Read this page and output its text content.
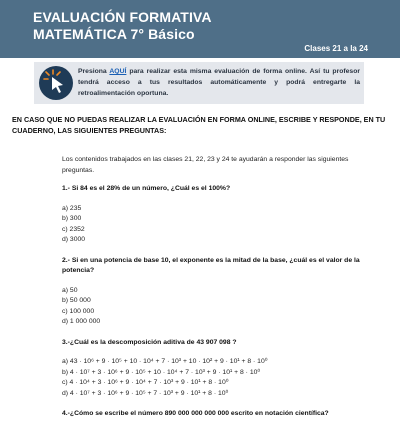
EVALUACIÓN FORMATIVA
MATEMÁTICA 7° Básico
Clases 21 a la 24
Presiona AQUÍ para realizar esta misma evaluación de forma online. Así tu profesor tendrá acceso a tus resultados automáticamente y podrá entregarte la retroalimentación oportuna.
EN CASO QUE NO PUEDAS REALIZAR LA EVALUACIÓN EN FORMA ONLINE, ESCRIBE Y RESPONDE, EN TU CUADERNO, LAS SIGUIENTES PREGUNTAS:
Los contenidos trabajados en las clases 21, 22, 23 y 24 te ayudarán a responder las siguientes preguntas.
1.- Si 84 es el 28% de un número, ¿Cuál es el 100%?
a) 235
b) 300
c) 2352
d) 3000
2.- Si en una potencia de base 10, el exponente es la mitad de la base, ¿cuál es el valor de la potencia?
a) 50
b) 50 000
c) 100 000
d) 1 000 000
3.-¿Cuál es la descomposición aditiva de 43 907 098 ?
a) 43 · 10⁶ + 9 · 10⁵ + 10 · 10⁴ + 7 · 10³ + 10 · 10² + 9 · 10¹ + 8 · 10⁰
b) 4 · 10⁷ + 3 · 10⁶ + 9 · 10⁵ + 10 · 10⁴ + 7 · 10³ + 9 · 10¹ + 8 · 10⁰
c) 4 · 10⁴ + 3 · 10⁶ + 9 · 10⁴ + 7 · 10³ + 9 · 10¹ + 8 · 10⁰
d) 4 · 10⁷ + 3 · 10⁶ + 9 · 10⁵ + 7 · 10³ + 9 · 10¹ + 8 · 10⁰
4.-¿Cómo se escribe el número 890 000 000 000 000 escrito en notación científica?
